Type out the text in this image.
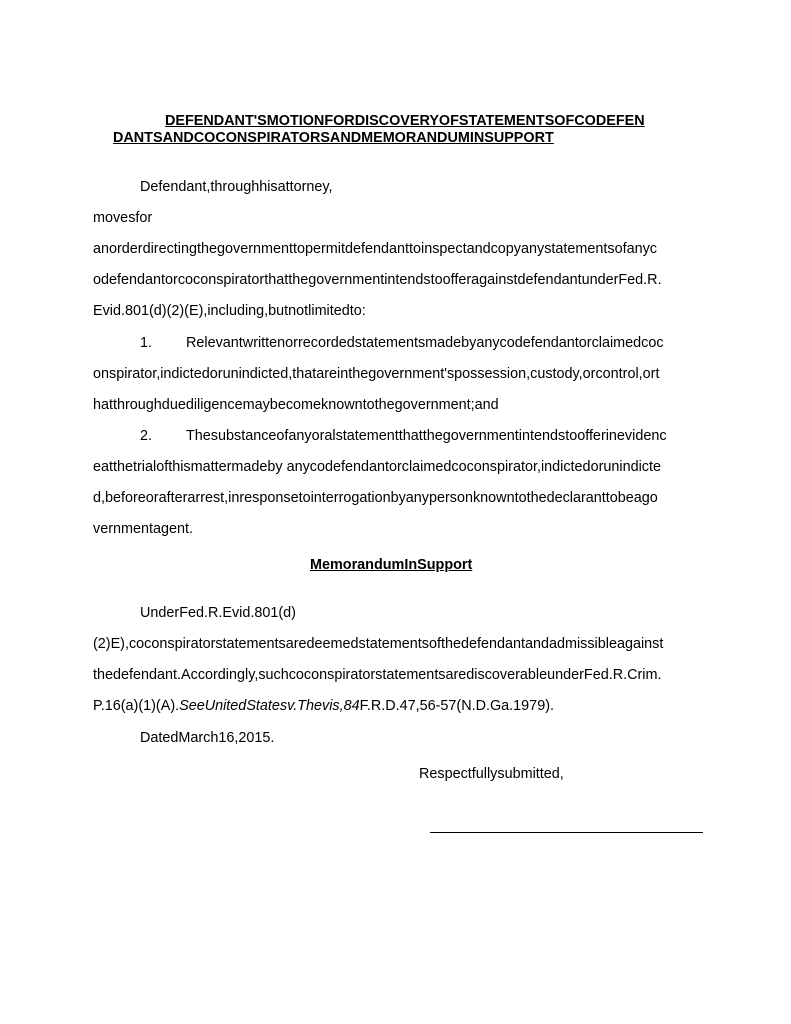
DEFENDANT'SMOTIONFORDISCOVERYOFSTATEMENTSOFCODEFEN
DANTSANDCOCONSPIRATORSANDMEMORANDUMINSUPPORT
Defendant,throughhisattorney,
movesfor
anorderdirectingthegovernmenttopermitdefendanttoinspectandcopyanystatementsofanyc
odefendantorcoconspiratorthatthegovernmentintendstoofferagainstdefendantunderFed.R.
Evid.801(d)(2)(E),including,butnotlimitedto:
1. Relevantwrittenorrecordedstatementsmadebyanycodefendantorclaimedcoc
onspirator,indictedorunindicted,thatareinthegovernment'spossession,custody,orcontrol,ort
hatthroughduediligencemaybecomeknowntothegovernment;and
2. Thesubstanceofanyoralstatementthatthegovernmentintendstoofferinevidenc
eatthetrialofthismattermadeby anycodefendantorclaimedcoconspirator,indictedorunindicte
d,beforeorafterarrest,inresponsetointerrogationbyanypersonknowntothedeclaranttobeago
vernmentagent.
MemorandumInSupport
UnderFed.R.Evid.801(d)
(2)E),coconspiratorstatementsaredeemedstatementsofthedefendantandadmissibleagainst
thedefendant.Accordingly,suchcoconspiratorstatementsarediscoverableunderFed.R.Crim.
P.16(a)(1)(A).SeeUnitedStatesv.Thevis,84F.R.D.47,56-57(N.D.Ga.1979).
DatedMarch16,2015.
Respectfullysubmitted,
